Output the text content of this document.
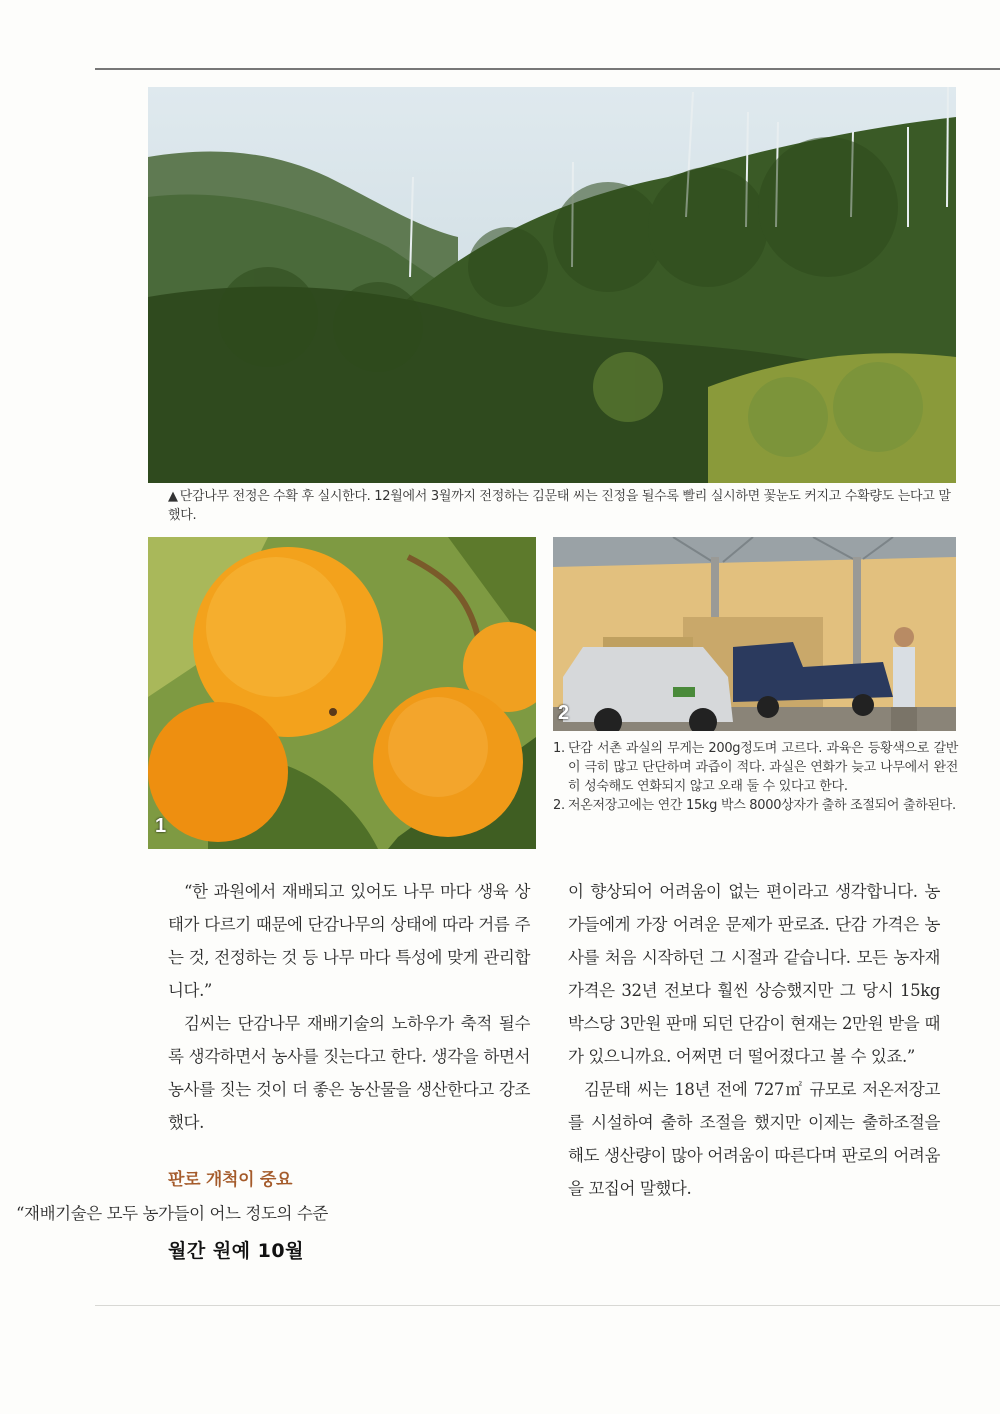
▲ 단감나무 전정은 수확 후 실시한다. 12월에서 3월까지 전정하는 김문태 씨는 진정을 될수록 빨리 실시하면 꽃눈도 커지고 수확량도 는다고 말했다.
1
2
1. 단감 서촌 과실의 무게는 200g정도며 고르다. 과육은 등황색으로 갈반이 극히 많고 단단하며 과즙이 적다. 과실은 연화가 늦고 나무에서 완전히 성숙해도 연화되지 않고 오래 둘 수 있다고 한다.
2. 저온저장고에는 연간 15kg 박스 8000상자가 출하 조절되어 출하된다.

“한 과원에서 재배되고 있어도 나무 마다 생육 상태가 다르기 때문에 단감나무의 상태에 따라 거름 주는 것, 전정하는 것 등 나무 마다 특성에 맞게 관리합니다.”

김씨는 단감나무 재배기술의 노하우가 축적 될수록 생각하면서 농사를 짓는다고 한다. 생각을 하면서 농사를 짓는 것이 더 좋은 농산물을 생산한다고 강조했다.

판로 개척이 중요

“재배기술은 모두 농가들이 어느 정도의 수준

이 향상되어 어려움이 없는 편이라고 생각합니다. 농가들에게 가장 어려운 문제가 판로죠. 단감 가격은 농사를 처음 시작하던 그 시절과 같습니다. 모든 농자재 가격은 32년 전보다 훨씬 상승했지만 그 당시 15kg 박스당 3만원 판매 되던 단감이 현재는 2만원 받을 때가 있으니까요. 어쩌면 더 떨어졌다고 볼 수 있죠.”

김문태 씨는 18년 전에 727㎡ 규모로 저온저장고를 시설하여 출하 조절을 했지만 이제는 출하조절을 해도 생산량이 많아 어려움이 따른다며 판로의 어려움을 꼬집어 말했다.

월간 원예 10월
